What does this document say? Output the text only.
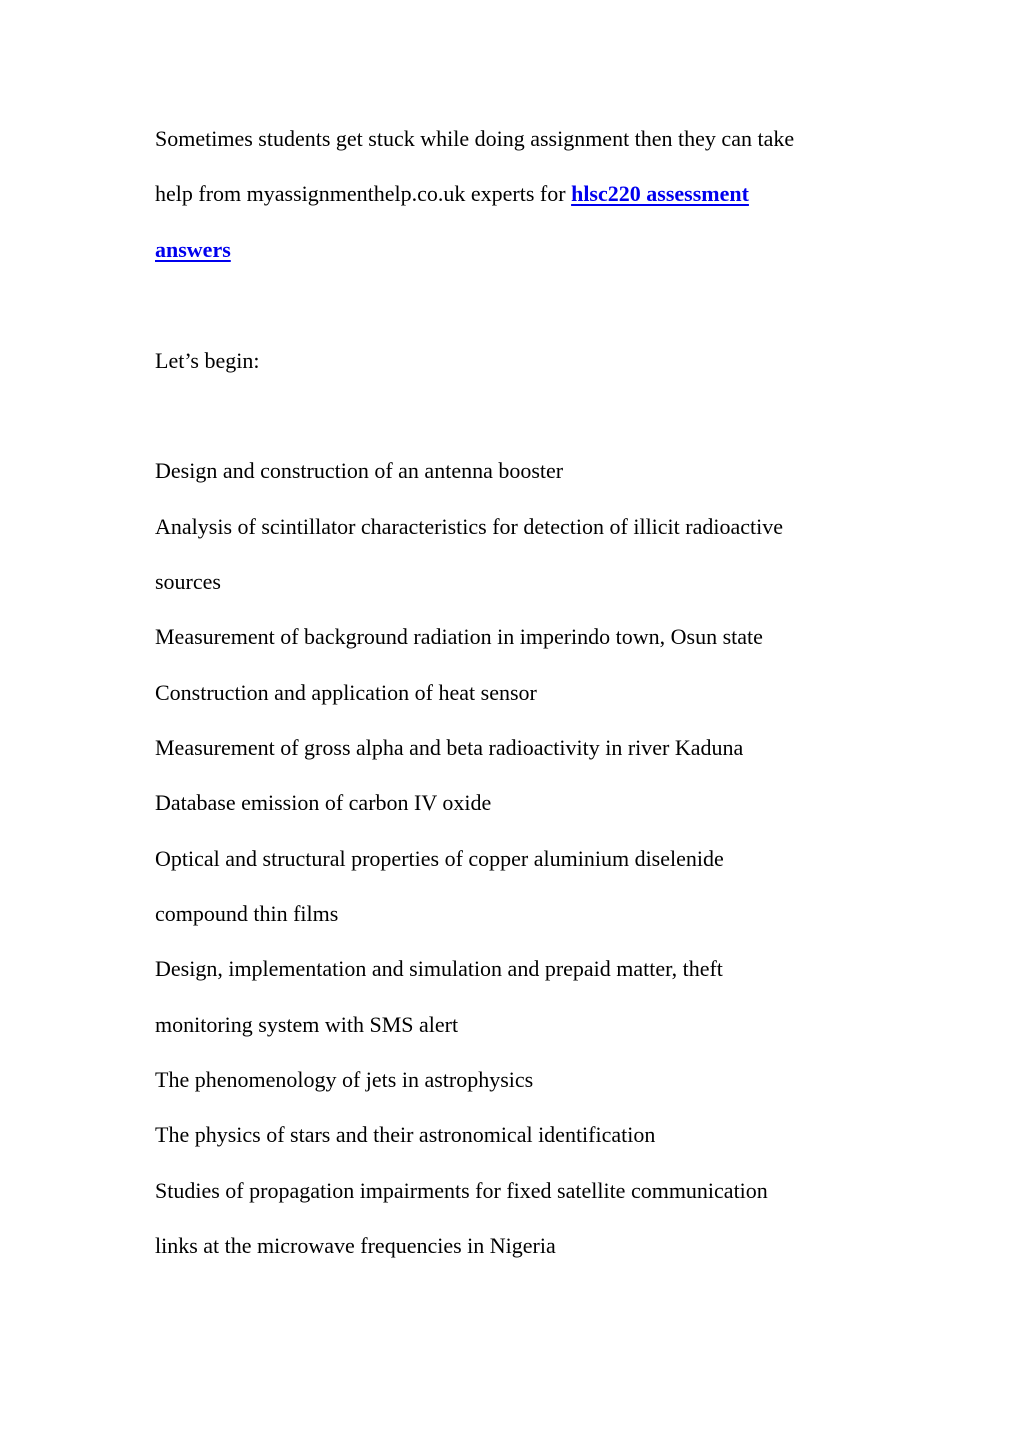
Sometimes students get stuck while doing assignment then they can take
help from myassignmenthelp.co.uk experts for hlsc220 assessment
answers
Let’s begin:
Design and construction of an antenna booster
Analysis of scintillator characteristics for detection of illicit radioactive
sources
Measurement of background radiation in imperindo town, Osun state
Construction and application of heat sensor
Measurement of gross alpha and beta radioactivity in river Kaduna
Database emission of carbon IV oxide
Optical and structural properties of copper aluminium diselenide
compound thin films
Design, implementation and simulation and prepaid matter, theft
monitoring system with SMS alert
The phenomenology of jets in astrophysics
The physics of stars and their astronomical identification
Studies of propagation impairments for fixed satellite communication
links at the microwave frequencies in Nigeria
